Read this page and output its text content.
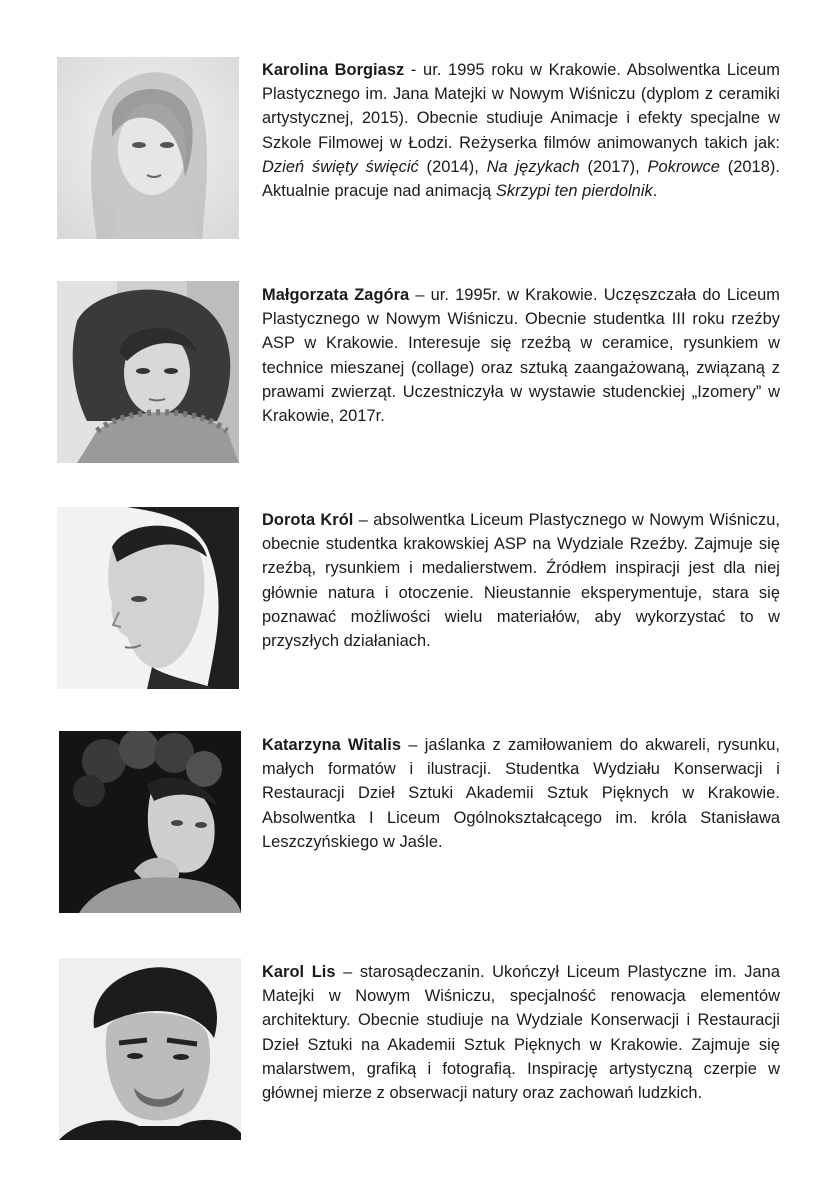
Karolina Borgiasz - ur. 1995 roku w Krakowie. Absolwentka Liceum Plastycznego im. Jana Matejki w Nowym Wiśniczu (dyplom z ceramiki artystycznej, 2015). Obecnie studiuje Animacje i efekty specjalne w Szkole Filmowej w Łodzi. Reżyserka filmów animowanych takich jak: Dzień święty święcić (2014), Na językach (2017), Pokrowce (2018). Aktualnie pracuje nad animacją Skrzypi ten pierdolnik.
Małgorzata Zagóra – ur. 1995r. w Krakowie. Uczęszczała do Liceum Plastycznego w Nowym Wiśniczu. Obecnie studentka III roku rzeźby ASP w Krakowie. Interesuje się rzeźbą w ceramice, rysunkiem w technice mieszanej (collage) oraz sztuką zaangażowaną, związaną z prawami zwierząt. Uczestniczyła w wystawie studenckiej „Izomery” w Krakowie, 2017r.
Dorota Król – absolwentka Liceum Plastycznego w Nowym Wiśniczu, obecnie studentka krakowskiej ASP na Wydziale Rzeźby. Zajmuje się rzeźbą, rysunkiem i medalierstwem. Źródłem inspiracji jest dla niej głównie natura i otoczenie. Nieustannie eksperymentuje, stara się poznawać możliwości wielu materiałów, aby wykorzystać to w przyszłych działaniach.
Katarzyna Witalis – jaślanka z zamiłowaniem do akwareli, rysunku, małych formatów i ilustracji. Studentka Wydziału Konserwacji i Restauracji Dzieł Sztuki Akademii Sztuk Pięknych w Krakowie. Absolwentka I Liceum Ogólnokształcącego im. króla Stanisława Leszczyńskiego w Jaśle.
Karol Lis – starosądeczanin. Ukończył Liceum Plastyczne im. Jana Matejki w Nowym Wiśniczu, specjalność renowacja elementów architektury. Obecnie studiuje na Wydziale Konserwacji i Restauracji Dzieł Sztuki na Akademii Sztuk Pięknych w Krakowie. Zajmuje się malarstwem, grafiką i fotografią. Inspirację artystyczną czerpie w głównej mierze z obserwacji natury oraz zachowań ludzkich.
